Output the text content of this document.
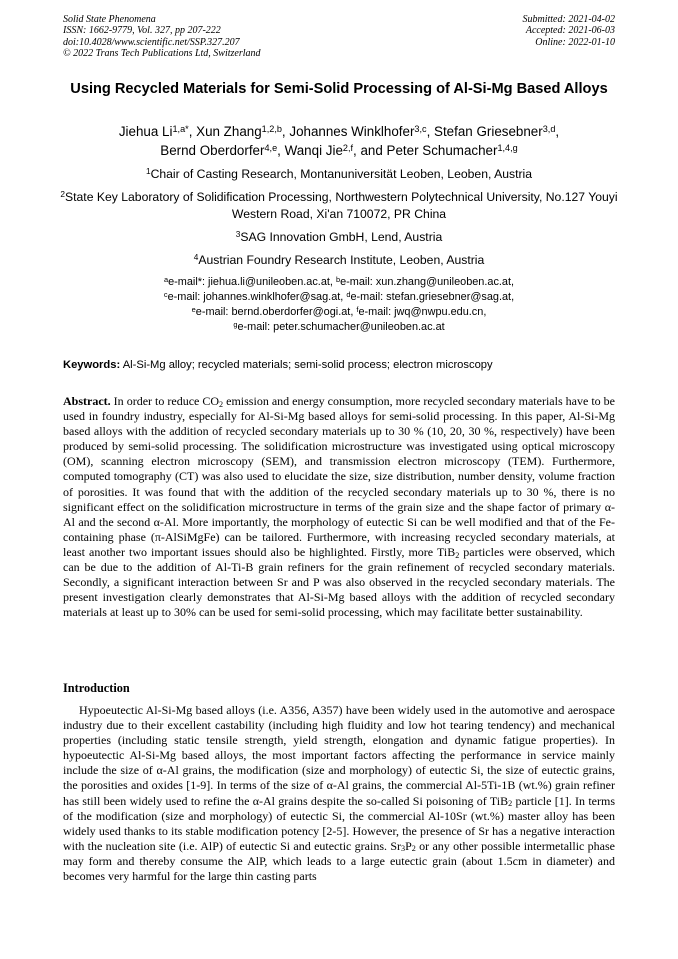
Solid State Phenomena
ISSN: 1662-9779, Vol. 327, pp 207-222
doi:10.4028/www.scientific.net/SSP.327.207
© 2022 Trans Tech Publications Ltd, Switzerland
Submitted: 2021-04-02
Accepted: 2021-06-03
Online: 2022-01-10
Using Recycled Materials for Semi-Solid Processing of Al-Si-Mg Based Alloys
Jiehua $Li^{1,a*}$, Xun Zhang$^{1,2,b}$, Johannes Winklhofer$^{3,c}$, Stefan Griesebner$^{3,d}$,
Bernd Oberdorfer$^{4,e}$, Wanqi Jie$^{2,f}$, and Peter Schumacher$^{1,4,g}$

$^1$Chair of Casting Research, Montanuniversität Leoben, Leoben, Austria

$^2$State Key Laboratory of Solidification Processing, Northwestern Polytechnical University, No.127 Youyi Western Road, Xi'an 710072, PR China

$^3$SAG Innovation GmbH, Lend, Austria

$^4$Austrian Foundry Research Institute, Leoben, Austria

$^a$e-mail*: jiehua.li@unileoben.ac.at, $^b$e-mail: xun.zhang@unileoben.ac.at,
$^c$e-mail: johannes.winklhofer@sag.at, $^d$e-mail: stefan.griesebner@sag.at,
$^e$e-mail: bernd.oberdorfer@ogi.at, $^f$e-mail: jwq@nwpu.edu.cn,
$^g$e-mail: peter.schumacher@unileoben.ac.at
Keywords: Al-Si-Mg alloy; recycled materials; semi-solid process; electron microscopy

Abstract. In order to reduce $CO_2$ emission and energy consumption, more recycled secondary materials have to be used in foundry industry, especially for Al-Si-Mg based alloys for semi-solid processing. In this paper, Al-Si-Mg based alloys with the addition of recycled secondary materials up to 30 % (10, 20, 30 %, respectively) have been produced by semi-solid processing. The solidification microstructure was investigated using optical microscopy (OM), scanning electron microscopy (SEM), and transmission electron microscopy (TEM). Furthermore, computed tomography (CT) was also used to elucidate the size, size distribution, number density, volume fraction of porosities. It was found that with the addition of the recycled secondary materials up to 30 %, there is no significant effect on the solidification microstructure in terms of the grain size and the shape factor of primary α-Al and the second α-Al. More importantly, the morphology of eutectic Si can be well modified and that of the Fe-containing phase (π-AlSiMgFe) can be tailored. Furthermore, with increasing recycled secondary materials, at least another two important issues should also be highlighted. Firstly, more TiB$_2$ particles were observed, which can be due to the addition of Al-Ti-B grain refiners for the grain refinement of recycled secondary materials. Secondly, a significant interaction between Sr and P was also observed in the recycled secondary materials. The present investigation clearly demonstrates that Al-Si-Mg based alloys with the addition of recycled secondary materials at least up to 30% can be used for semi-solid processing, which may facilitate better sustainability.

Introduction

Hypoeutectic Al-Si-Mg based alloys (i.e. A356, A357) have been widely used in the automotive and aerospace industry due to their excellent castability (including high fluidity and low hot tearing tendency) and mechanical properties (including static tensile strength, yield strength, elongation and dynamic fatigue properties). In hypoeutectic Al-Si-Mg based alloys, the most important factors affecting the performance in service mainly include the size of α-Al grains, the modification (size and morphology) of eutectic Si, the size of eutectic grains, the porosities and oxides [1-9]. In terms of the size of α-Al grains, the commercial Al-5Ti-1B (wt.%) grain refiner has still been widely used to refine the α-Al grains despite the so-called Si poisoning of TiB$_2$ particle [1]. In terms of the modification (size and morphology) of eutectic Si, the commercial Al-10Sr (wt.%) master alloy has been widely used thanks to its stable modification potency [2-5]. However, the presence of Sr has a negative interaction with the nucleation site (i.e. AlP) of eutectic Si and eutectic grains. $Sr_3P_2$ or any other possible intermetallic phase may form and thereby consume the AlP, which leads to a large eutectic grain (about 1.5cm in diameter) and becomes very harmful for the large thin casting parts
